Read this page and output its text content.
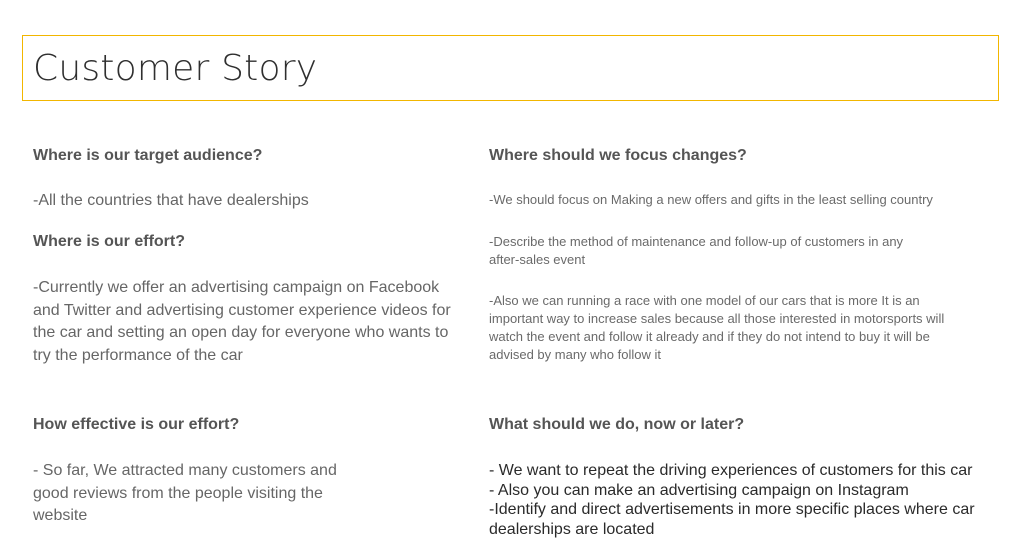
Customer Story
Where is our target audience?

-All the countries that have dealerships

Where is our effort?

-Currently we offer an advertising campaign on Facebook and Twitter and advertising customer experience videos for the car and setting an open day for everyone who wants to try the performance of the car

How effective is our effort?

- So far, We attracted many customers and good reviews from the people visiting the website

Where should we focus changes?

-We should focus on Making a new offers and gifts in the least selling country

-Describe the method of maintenance and follow-up of customers in any after-sales event

-Also we can running a race with one model of our cars that is more It is an important way to increase sales because all those interested in motorsports will watch the event and follow it already and if they do not intend to buy it will be advised by many who follow it

What should we do, now or later?
- We want to repeat the driving experiences of customers for this car
- Also you can make an advertising campaign on Instagram
-Identify and direct advertisements in more specific places where car dealerships are located
